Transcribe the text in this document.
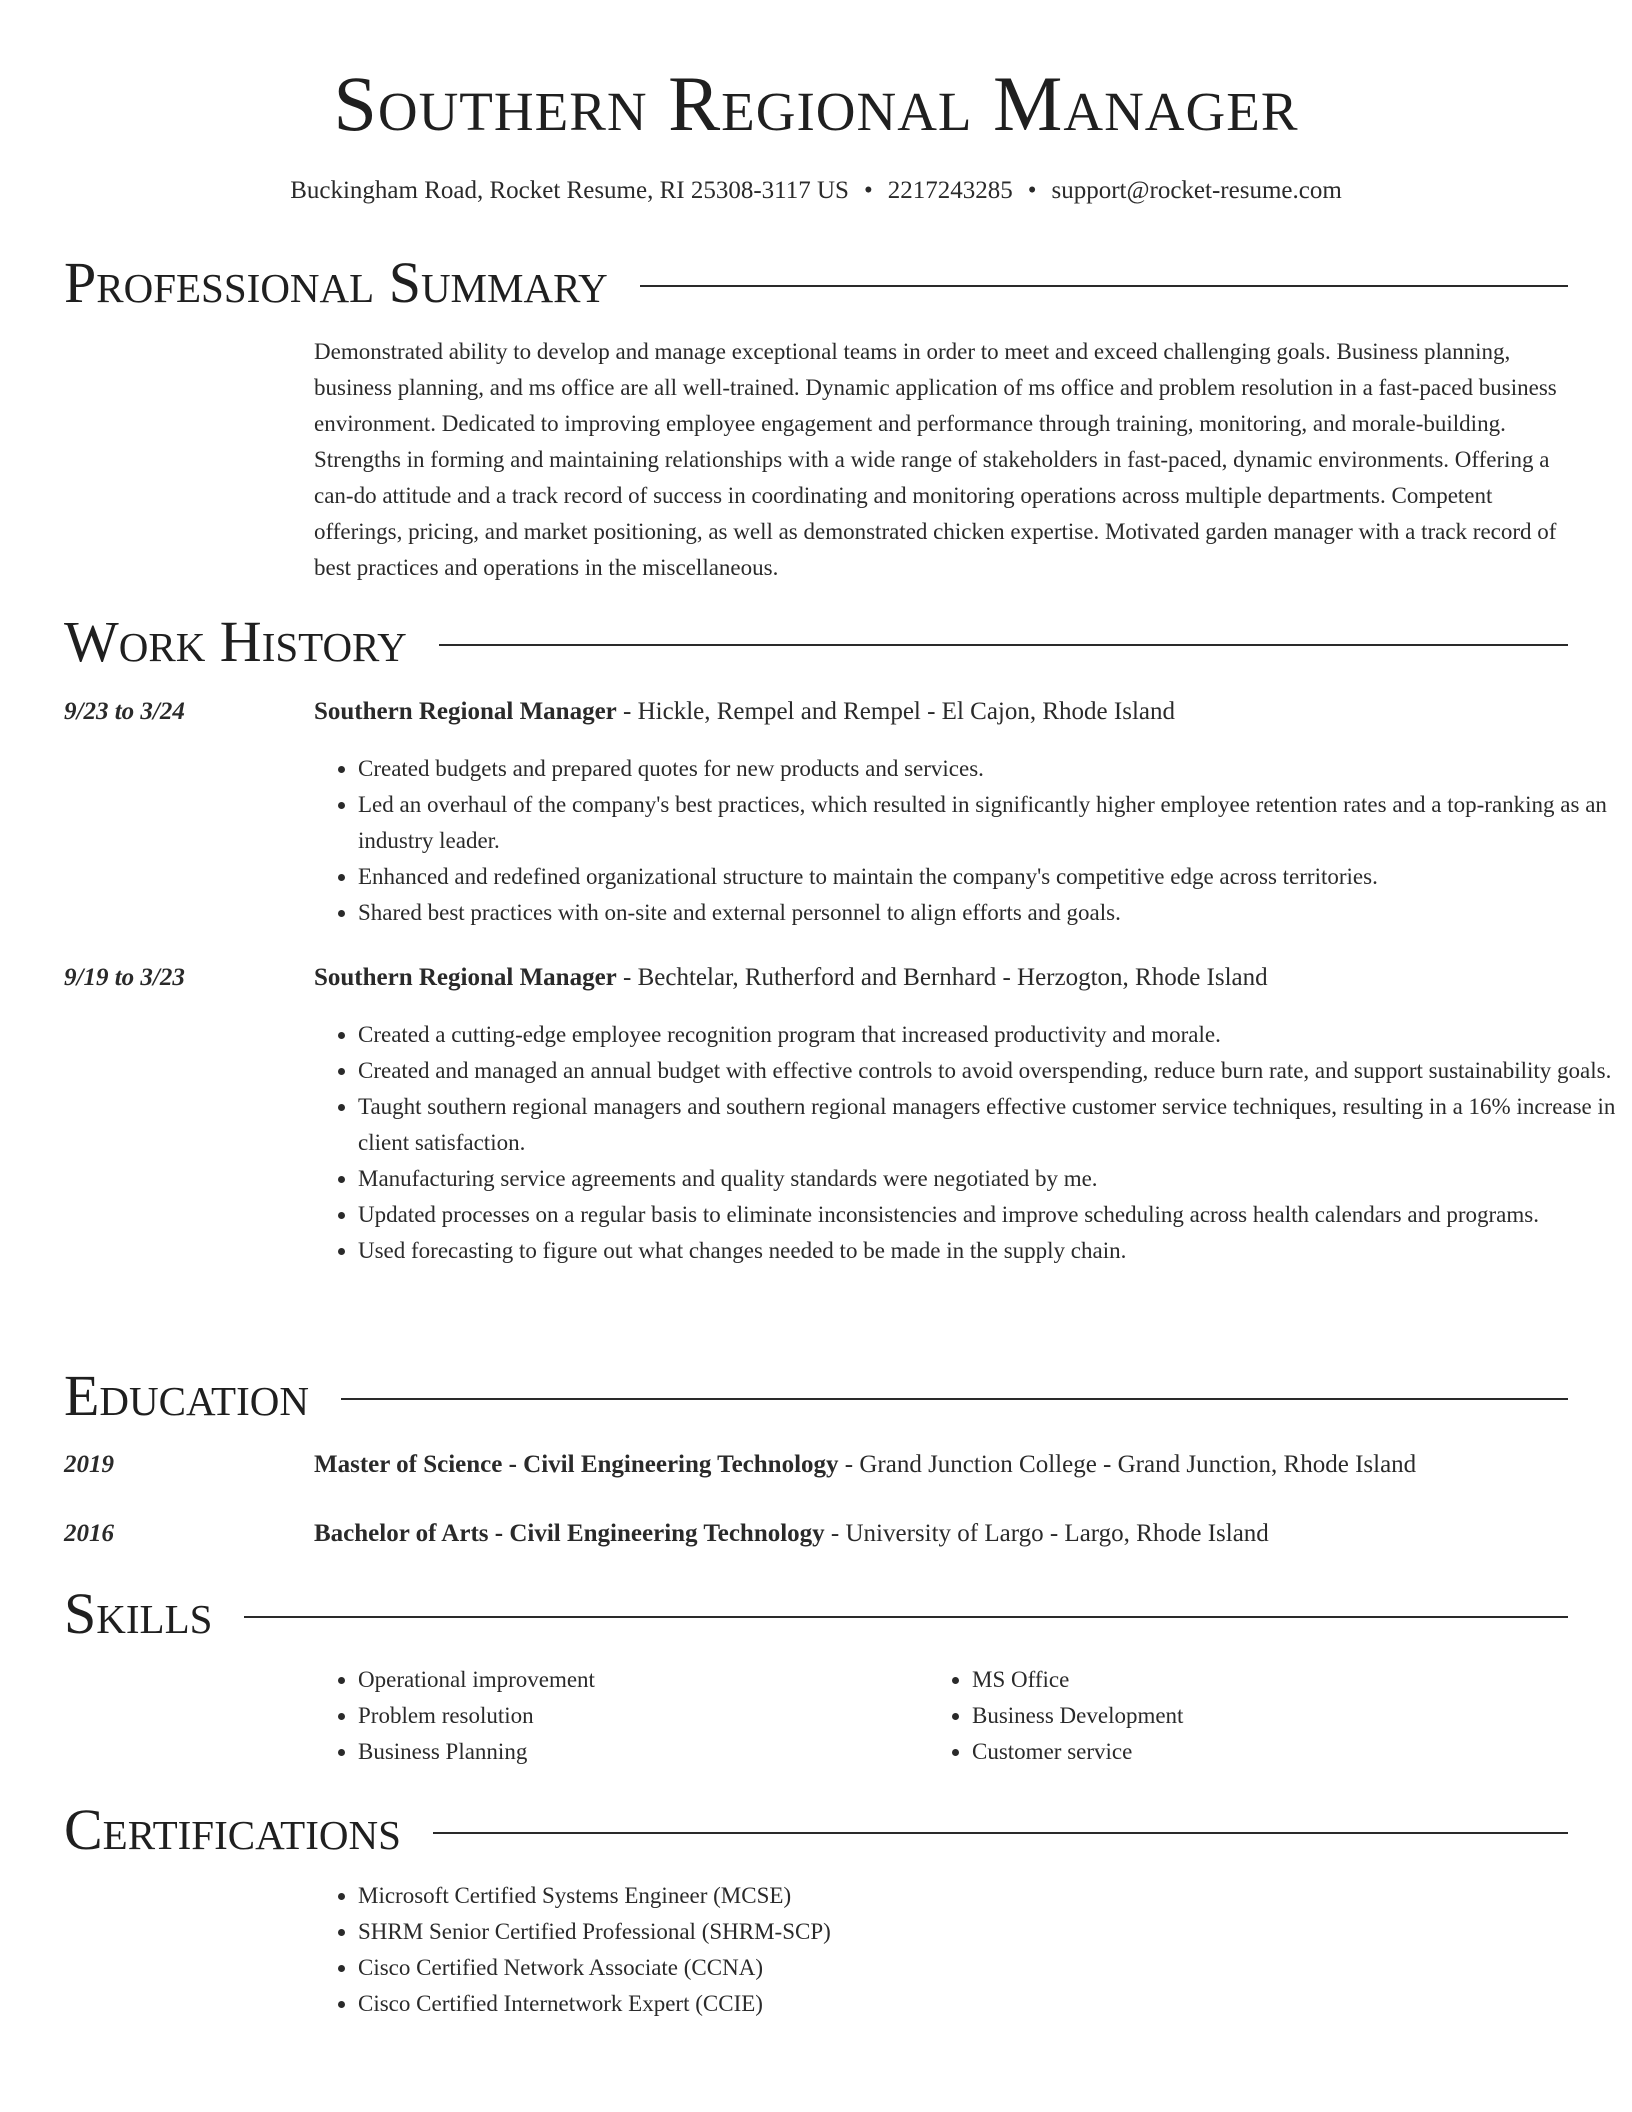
Southern Regional Manager
Buckingham Road, Rocket Resume, RI 25308-3117 US • 2217243285 • support@rocket-resume.com
Professional Summary
Demonstrated ability to develop and manage exceptional teams in order to meet and exceed challenging goals. Business planning, business planning, and ms office are all well-trained. Dynamic application of ms office and problem resolution in a fast-paced business environment. Dedicated to improving employee engagement and performance through training, monitoring, and morale-building. Strengths in forming and maintaining relationships with a wide range of stakeholders in fast-paced, dynamic environments. Offering a can-do attitude and a track record of success in coordinating and monitoring operations across multiple departments. Competent offerings, pricing, and market positioning, as well as demonstrated chicken expertise. Motivated garden manager with a track record of best practices and operations in the miscellaneous.
Work History
9/23 to 3/24	Southern Regional Manager - Hickle, Rempel and Rempel - El Cajon, Rhode Island
• Created budgets and prepared quotes for new products and services.
• Led an overhaul of the company's best practices, which resulted in significantly higher employee retention rates and a top-ranking as an industry leader.
• Enhanced and redefined organizational structure to maintain the company's competitive edge across territories.
• Shared best practices with on-site and external personnel to align efforts and goals.
9/19 to 3/23	Southern Regional Manager - Bechtelar, Rutherford and Bernhard - Herzogton, Rhode Island
• Created a cutting-edge employee recognition program that increased productivity and morale.
• Created and managed an annual budget with effective controls to avoid overspending, reduce burn rate, and support sustainability goals.
• Taught southern regional managers and southern regional managers effective customer service techniques, resulting in a 16% increase in client satisfaction.
• Manufacturing service agreements and quality standards were negotiated by me.
• Updated processes on a regular basis to eliminate inconsistencies and improve scheduling across health calendars and programs.
• Used forecasting to figure out what changes needed to be made in the supply chain.
Education
2019	Master of Science - Civil Engineering Technology - Grand Junction College - Grand Junction, Rhode Island
2016	Bachelor of Arts - Civil Engineering Technology - University of Largo - Largo, Rhode Island
Skills
• Operational improvement
• Problem resolution
• Business Planning
• MS Office
• Business Development
• Customer service
Certifications
• Microsoft Certified Systems Engineer (MCSE)
• SHRM Senior Certified Professional (SHRM-SCP)
• Cisco Certified Network Associate (CCNA)
• Cisco Certified Internetwork Expert (CCIE)
